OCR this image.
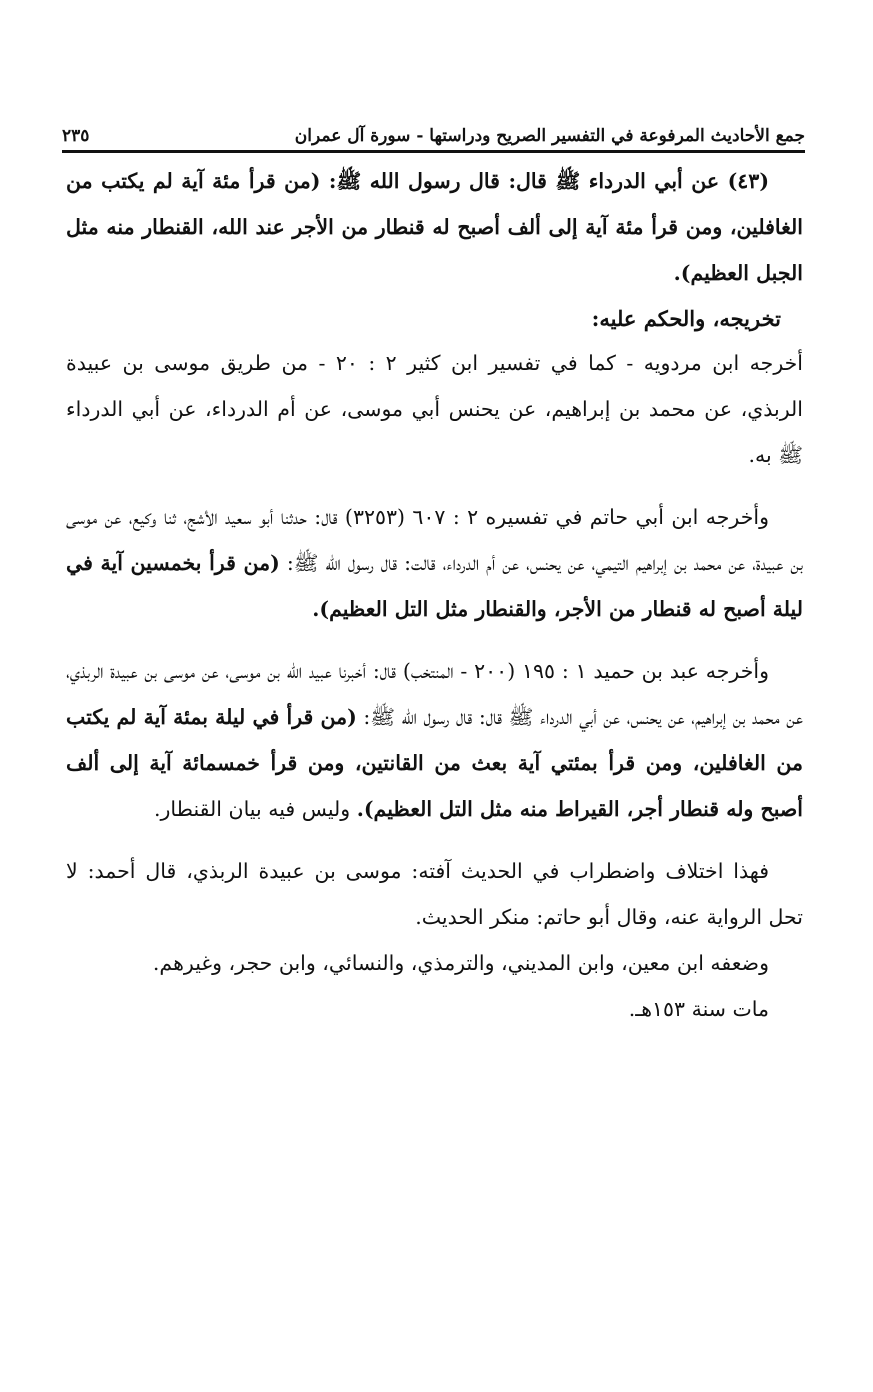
جمع الأحاديث المرفوعة في التفسير الصريح ودراستها - سورة آل عمران
٢٣٥

(٤٣) عن أبي الدرداء ﷺ قال: قال رسول الله ﷺ: (من قرأ مئة آية لم يكتب من الغافلين، ومن قرأ مئة آية إلى ألف أصبح له قنطار من الأجر عند الله، القنطار منه مثل الجبل العظيم).

تخريجه، والحكم عليه:

أخرجه ابن مردويه - كما في تفسير ابن كثير ٢ : ٢٠ - من طريق موسى بن عبيدة الربذي، عن محمد بن إبراهيم، عن يحنس أبي موسى، عن أم الدرداء، عن أبي الدرداء ﷺ به.

وأخرجه ابن أبي حاتم في تفسيره ٢ : ٦٠٧ (٣٢٥٣) قال: حدثنا أبو سعيد الأشج، ثنا وكيع، عن موسى بن عبيدة، عن محمد بن إبراهيم التيمي، عن يحنس، عن أم الدرداء، قالت: قال رسول الله ﷺ: (من قرأ بخمسين آية في ليلة أصبح له قنطار من الأجر، والقنطار مثل التل العظيم).

وأخرجه عبد بن حميد ١ : ١٩٥ (٢٠٠ - المنتخب) قال: أخبرنا عبيد الله بن موسى، عن موسى بن عبيدة الربذي، عن محمد بن إبراهيم، عن يحنس، عن أبي الدرداء ﷺ قال: قال رسول الله ﷺ: (من قرأ في ليلة بمئة آية لم يكتب من الغافلين، ومن قرأ بمئتي آية بعث من القانتين، ومن قرأ خمسمائة آية إلى ألف أصبح وله قنطار أجر، القيراط منه مثل التل العظيم). وليس فيه بيان القنطار.

فهذا اختلاف واضطراب في الحديث آفته: موسى بن عبيدة الربذي، قال أحمد: لا تحل الرواية عنه، وقال أبو حاتم: منكر الحديث.

وضعفه ابن معين، وابن المديني، والترمذي، والنسائي، وابن حجر، وغيرهم.

مات سنة ١٥٣هـ.
